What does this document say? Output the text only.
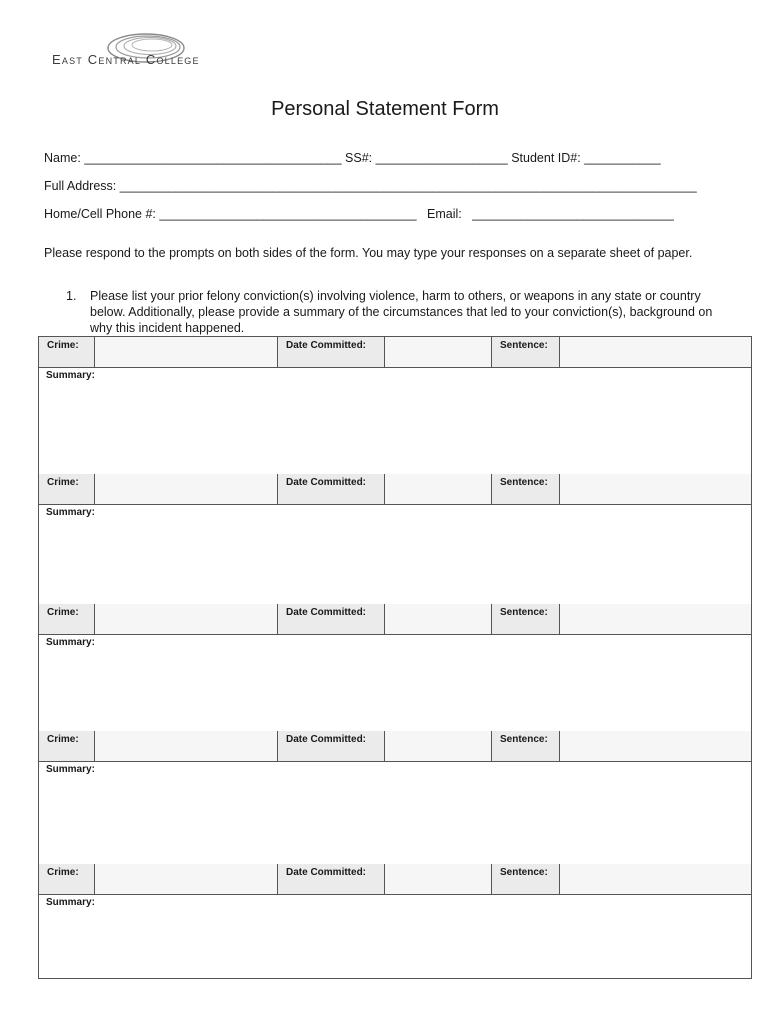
East Central College
Personal Statement Form
Name: _____________________________________ SS#: ___________________ Student ID#: ___________
Full Address: ___________________________________________________________________________________
Home/Cell Phone #: _____________________________________ Email: _____________________________
Please respond to the prompts on both sides of the form. You may type your responses on a separate sheet of paper.
1. Please list your prior felony conviction(s) involving violence, harm to others, or weapons in any state or country below. Additionally, please provide a summary of the circumstances that led to your conviction(s), background on why this incident happened.
Crime:	Date Committed:	Sentence:
Summary:
Crime:	Date Committed:	Sentence:
Summary:
Crime:	Date Committed:	Sentence:
Summary:
Crime:	Date Committed:	Sentence:
Summary:
Crime:	Date Committed:	Sentence:
Summary:
